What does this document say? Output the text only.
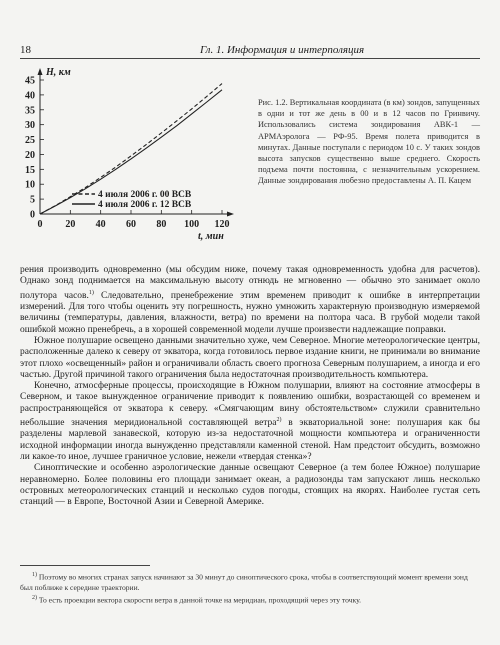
18	Гл. 1. Информация и интерполяция
0
5
10
15
20
25
30
35
40
45
0 20 40 60 80 100 120
H, км
t, мин
4 июля 2006 г. 00 ВСВ
4 июля 2006 г. 12 ВСВ
Рис. 1.2. Вертикальная координата (в км) зондов, запущенных в одни и тот же день в 00 и в 12 часов по Гринвичу. Использовались система зондирования АВК-1 — АРМАэролога — РФ-95. Время полета приводится в минутах. Данные поступали с периодом 10 с. У таких зондов высота запусков существенно выше среднего. Скорость подъема почти постоянна, с незначительным ускорением. Данные зондирования любезно предоставлены А. П. Кацем

рения производить одновременно (мы обсудим ниже, почему такая одновременность удобна для расчетов). Однако зонд поднимается на максимальную высоту отнюдь не мгновенно — обычно это занимает около полутора часов.$^{1)}$ Следовательно, пренебрежение этим временем приводит к ошибке в интерпретации измерений. Для того чтобы оценить эту погрешность, нужно умножить характерную производную измеряемой величины (температуры, давления, влажности, ветра) по времени на полтора часа. В грубой модели такой ошибкой можно пренебречь, а в хорошей современной модели лучше произвести надлежащие поправки.

Южное полушарие освещено данными значительно хуже, чем Северное. Многие метеорологические центры, расположенные далеко к северу от экватора, когда готовилось первое издание книги, не принимали во внимание этот плохо «освещенный» район и ограничивали область своего прогноза Северным полушарием, а иногда и его частью. Другой причиной такого ограничения была недостаточная производительность компьютера.

Конечно, атмосферные процессы, происходящие в Южном полушарии, влияют на состояние атмосферы в Северном, и такое вынужденное ограничение приводит к появлению ошибки, возрастающей со временем и распространяющейся от экватора к северу. «Смягчающим вину обстоятельством» служили сравнительно небольшие значения меридиональной составляющей ветра$^{2)}$ в экваториальной зоне: полушария как бы разделены марлевой занавеской, которую из-за недостаточной мощности компьютера и ограниченности исходной информации иногда вынужденно представляли каменной стеной. Нам предстоит обсудить, возможно ли какое-то иное, лучшее граничное условие, нежели «твердая стенка»?

Синоптические и особенно аэрологические данные освещают Северное (а тем более Южное) полушарие неравномерно. Более половины его площади занимает океан, а радиозонды там запускают лишь несколько островных метеорологических станций и несколько судов погоды, стоящих на якорях. Наиболее густая сеть станций — в Европе, Восточной Азии и Северной Америке.

$^{1)}$ Поэтому во многих странах запуск начинают за 30 минут до синоптического срока, чтобы в соответствующий момент времени зонд был поближе к середине траектории.

$^{2)}$ То есть проекции вектора скорости ветра в данной точке на меридиан, проходящий через эту точку.
